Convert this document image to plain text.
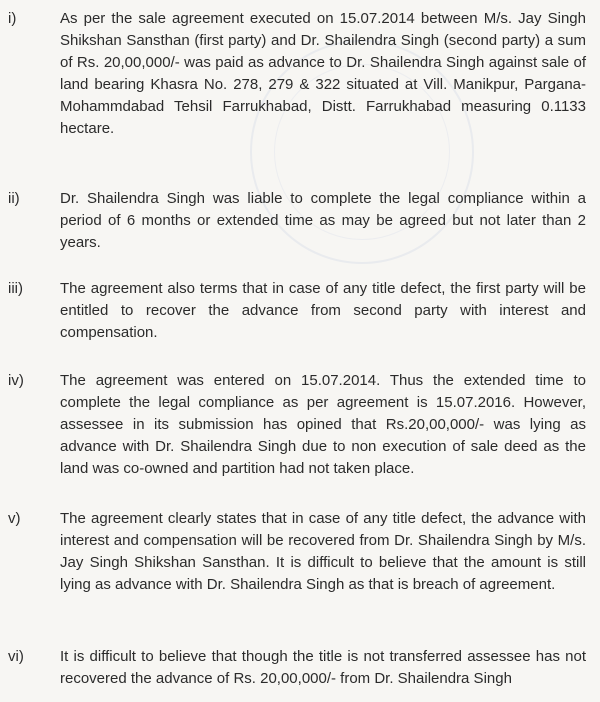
i)	As per the sale agreement executed on 15.07.2014 between M/s. Jay Singh Shikshan Sansthan (first party) and Dr. Shailendra Singh (second party) a sum of Rs. 20,00,000/- was paid as advance to Dr. Shailendra Singh against sale of land bearing Khasra No. 278, 279 & 322 situated at Vill. Manikpur, Pargana- Mohammdabad Tehsil Farrukhabad, Distt. Farrukhabad measuring 0.1133 hectare.

ii)	Dr. Shailendra Singh was liable to complete the legal compliance within a period of 6 months or extended time as may be agreed but not later than 2 years.

iii)	The agreement also terms that in case of any title defect, the first party will be entitled to recover the advance from second party with interest and compensation.

iv)	The agreement was entered on 15.07.2014. Thus the extended time to complete the legal compliance as per agreement is 15.07.2016. However, assessee in its submission has opined that Rs.20,00,000/- was lying as advance with Dr. Shailendra Singh due to non execution of sale deed as the land was co-owned and partition had not taken place.

v)	The agreement clearly states that in case of any title defect, the advance with interest and compensation will be recovered from Dr. Shailendra Singh by M/s. Jay Singh Shikshan Sansthan. It is difficult to believe that the amount is still lying as advance with Dr. Shailendra Singh as that is breach of agreement.

vi)	It is difficult to believe that though the title is not transferred assessee has not recovered the advance of Rs. 20,00,000/- from Dr. Shailendra Singh
